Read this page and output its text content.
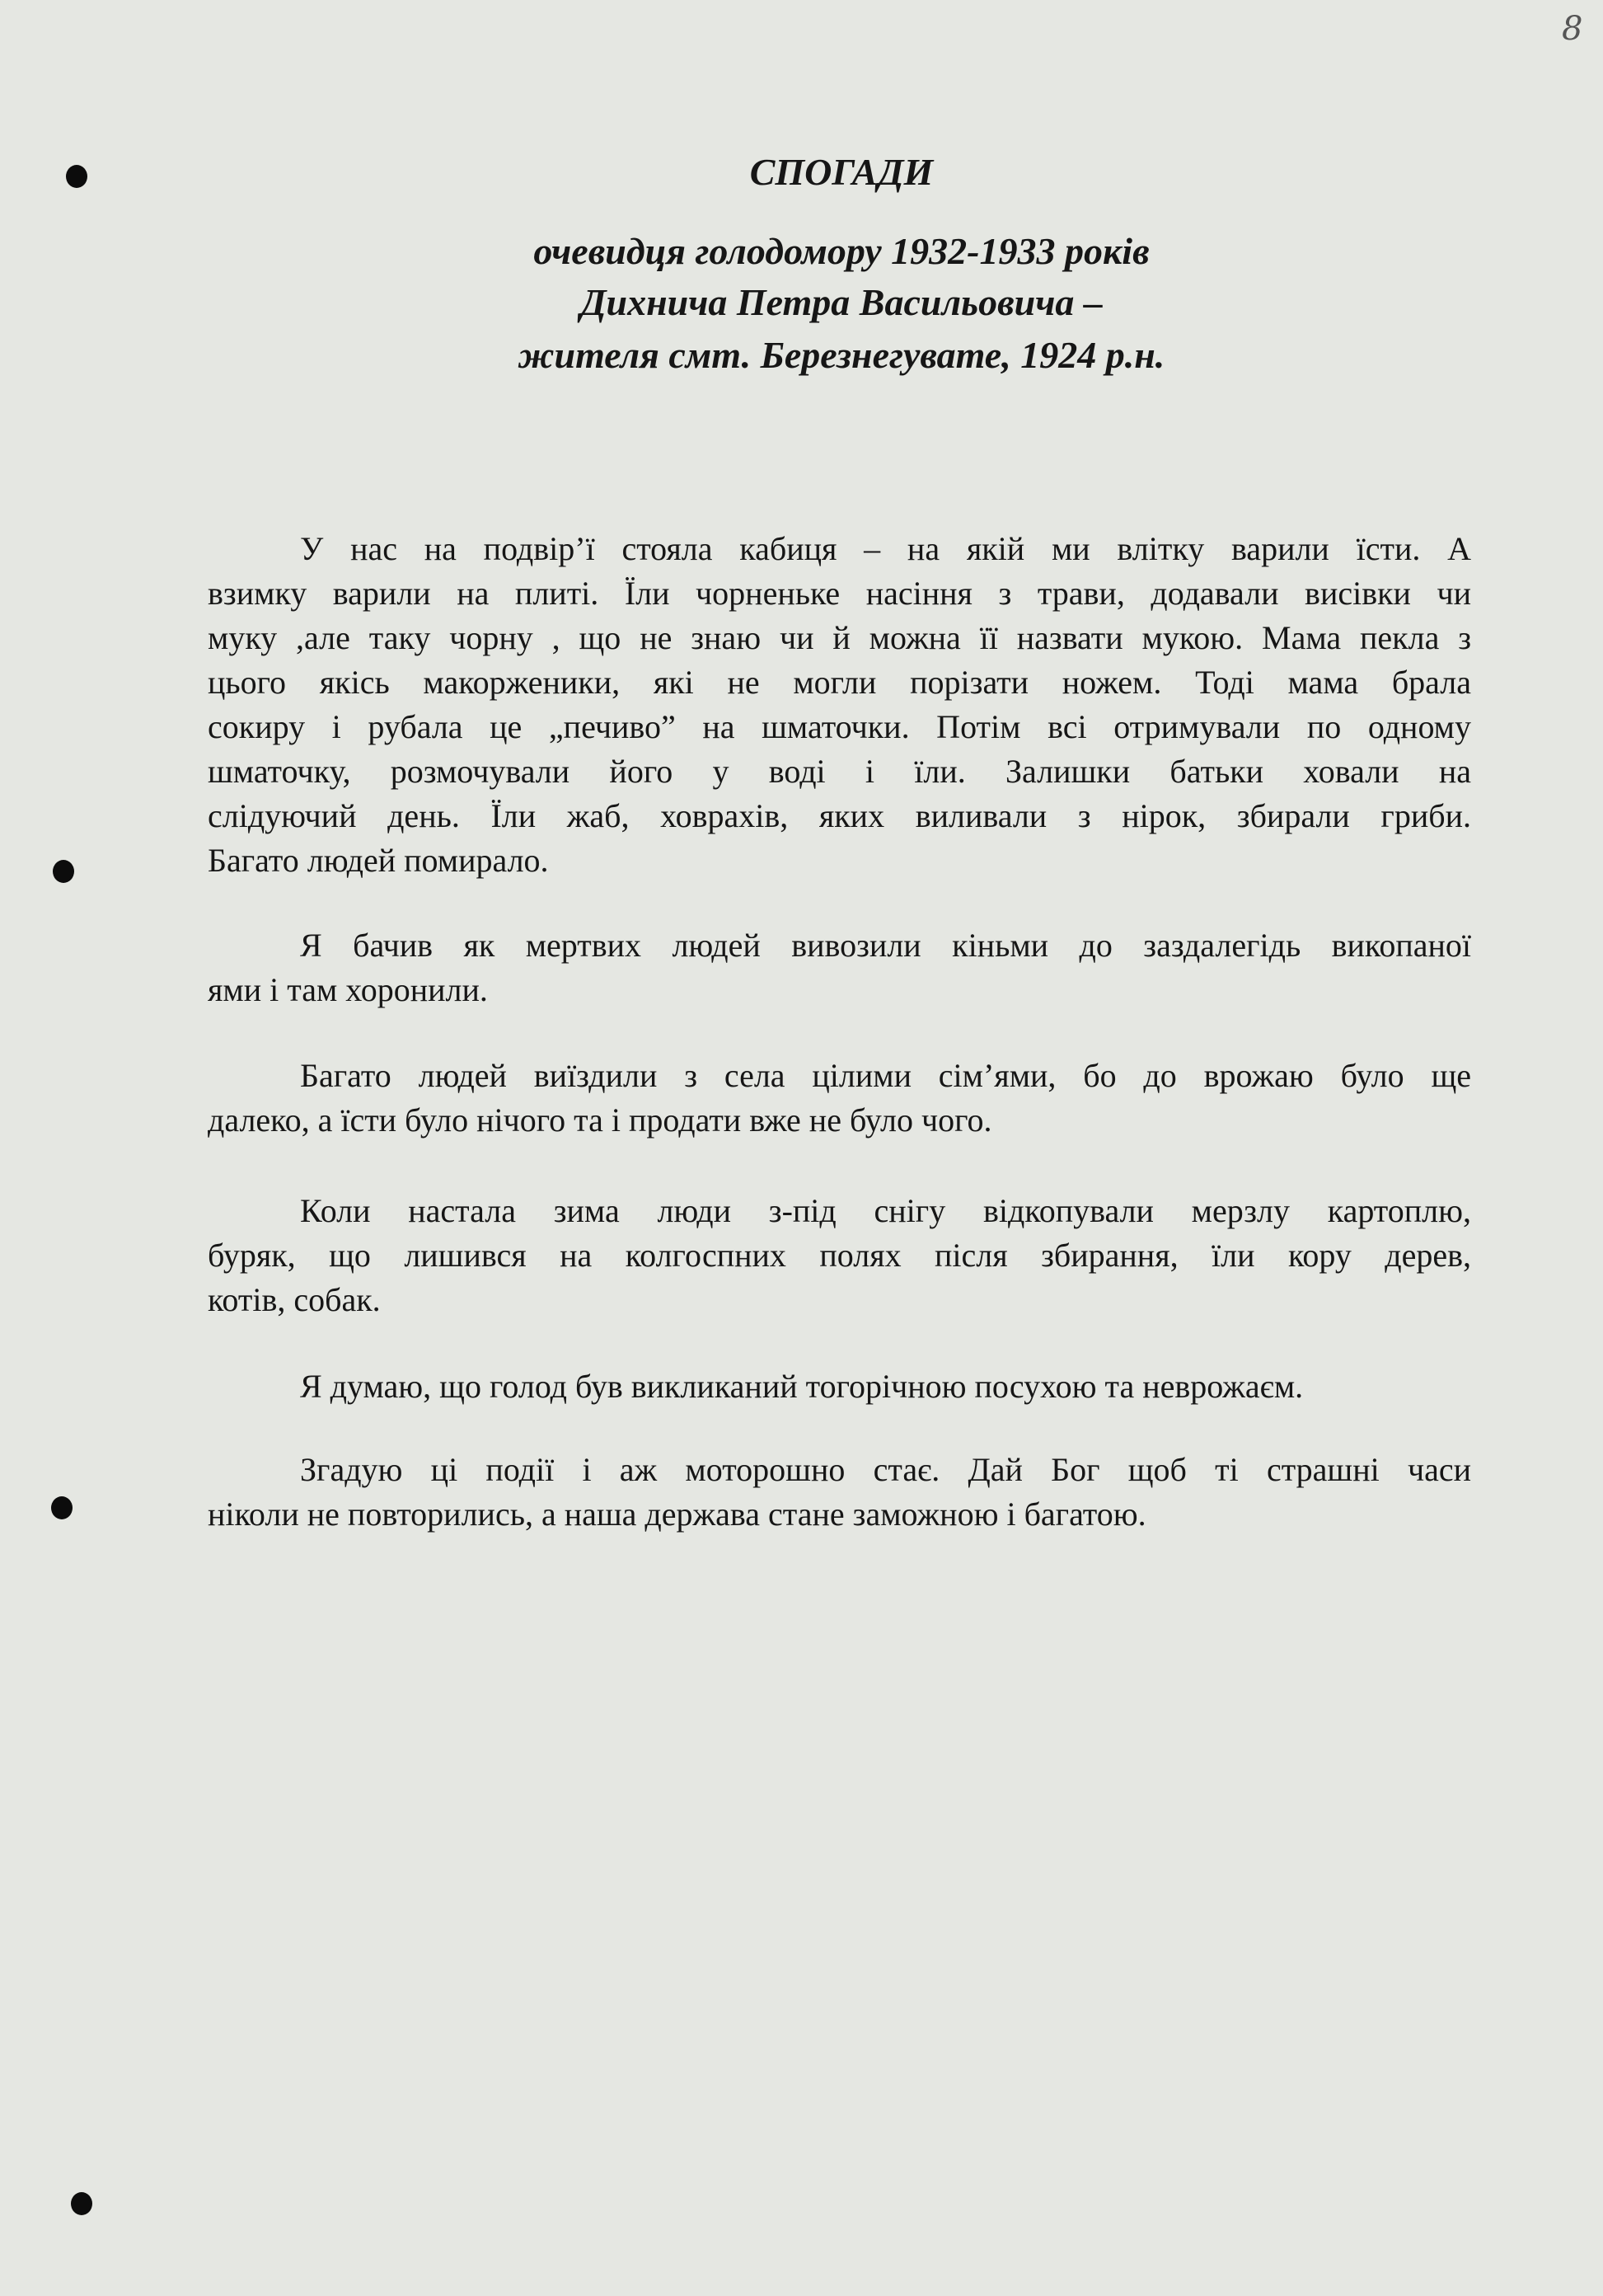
8
СПОГАДИ
очевидця голодомору 1932-1933 років
Дихнича Петра Васильовича –
жителя смт. Березнегувате, 1924 р.н.
У нас на подвір’ї стояла кабиця – на якій ми влітку варили їсти. А
взимку варили на плиті. Їли чорненьке насіння з трави, додавали висівки чи
муку ,але таку чорну , що не знаю чи й можна її назвати мукою. Мама пекла з
цього якісь макорженики, які не могли порізати ножем. Тоді мама брала
сокиру і рубала це „печиво” на шматочки. Потім всі отримували по одному
шматочку, розмочували його у воді і їли. Залишки батьки ховали на
слідуючий день. Їли жаб, ховрахів, яких виливали з нірок, збирали гриби.
Багато людей помирало.
Я бачив як мертвих людей вивозили кіньми до заздалегідь викопаної
ями і там хоронили.
Багато людей виїздили з села цілими сім’ями, бо до врожаю було ще
далеко, а їсти було нічого та і продати вже не було чого.
Коли настала зима люди з-під снігу відкопували мерзлу картоплю,
буряк, що лишився на колгоспних полях після збирання, їли кору дерев,
котів, собак.
Я думаю, що голод був викликаний тогорічною посухою та неврожаєм.
Згадую ці події і аж моторошно стає. Дай Бог щоб ті страшні часи
ніколи не повторились, а наша держава стане заможною і багатою.
